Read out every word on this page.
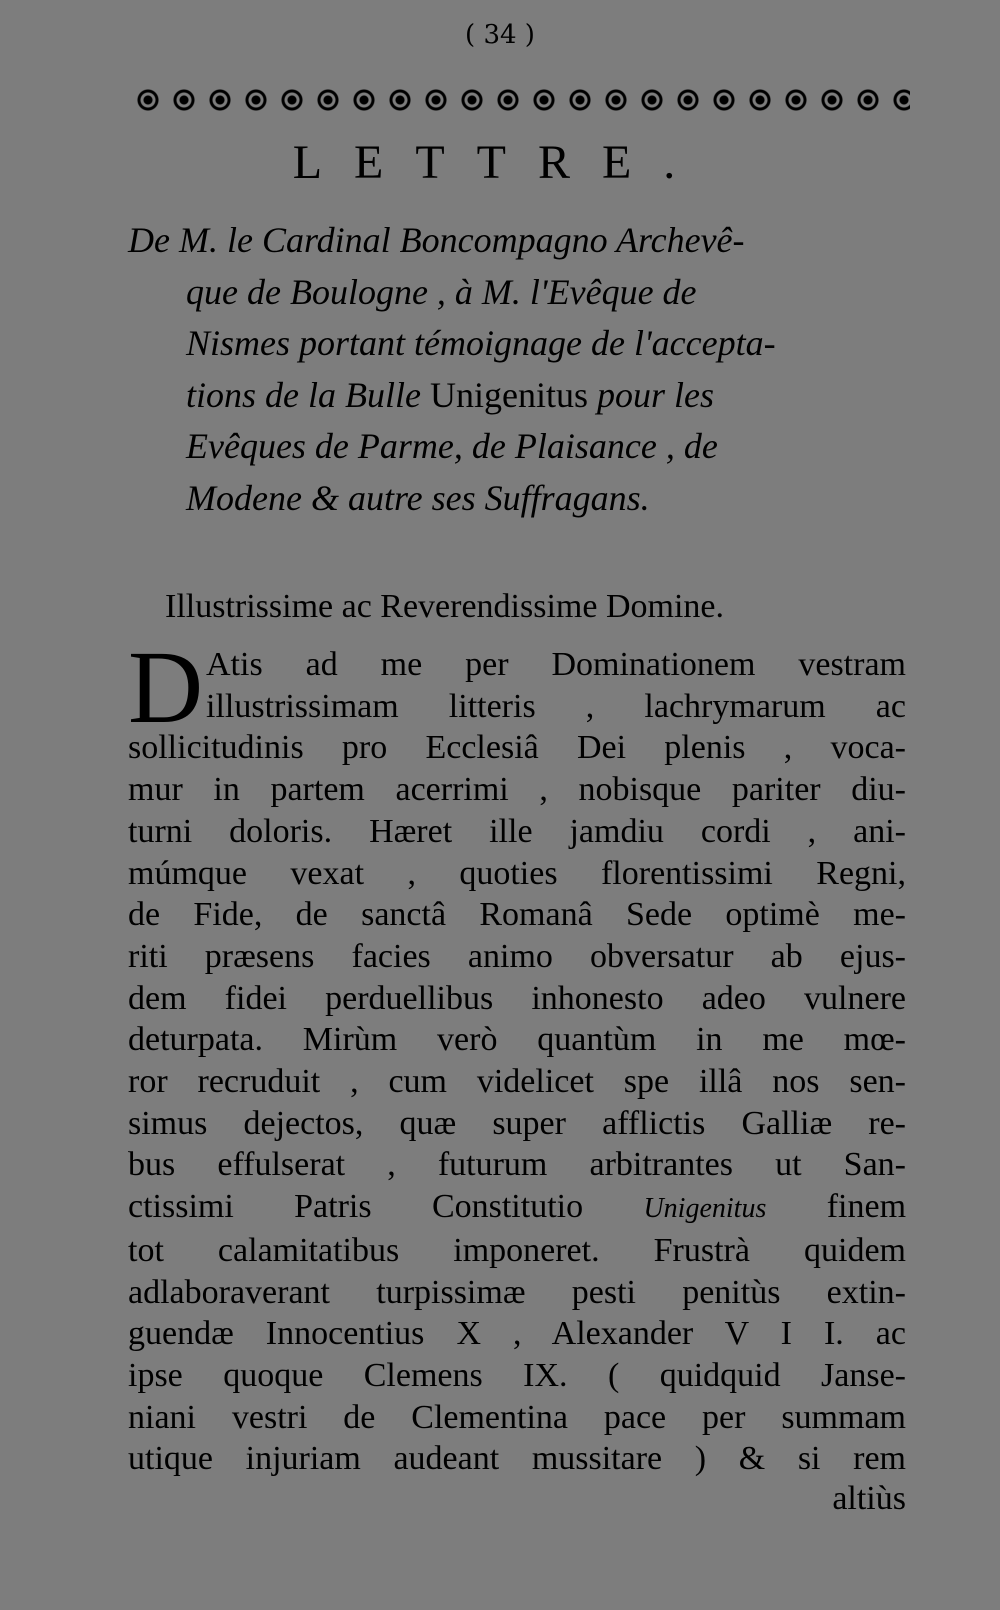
( 34 )
LETTRE.
De M. le Cardinal Boncompagno Archevê-
que de Boulogne , à M. l'Evêque de
Nismes portant témoignage de l'accepta-
tions de la Bulle Unigenitus pour les
Evêques de Parme, de Plaisance , de
Modene & autre ses Suffragans.
Illustrissime ac Reverendissime Domine.
D Atis ad me per Dominationem vestram
illustrissimam litteris , lachrymarum ac
sollicitudinis pro Ecclesiâ Dei plenis , voca-
mur in partem acerrimi , nobisque pariter diu-
turni doloris. Hæret ille jamdiu cordi , ani-
múmque vexat , quoties florentissimi Regni,
de Fide, de sanctâ Romanâ Sede optimè me-
riti præsens facies animo obversatur ab ejus-
dem fidei perduellibus inhonesto adeo vulnere
deturpata. Mirùm verò quantùm in me mœ-
ror recruduit , cum videlicet spe illâ nos sen-
simus dejectos, quæ super afflictis Galliæ re-
bus effulserat , futurum arbitrantes ut San-
ctissimi Patris Constitutio Unigenitus finem
tot calamitatibus imponeret. Frustrà quidem
adlaboraverant turpissimæ pesti penitùs extin-
guendæ Innocentius X , Alexander V I I. ac
ipse quoque Clemens IX. ( quidquid Janse-
niani vestri de Clementina pace per summam
utique injuriam audeant mussitare ) & si rem
altiùs
